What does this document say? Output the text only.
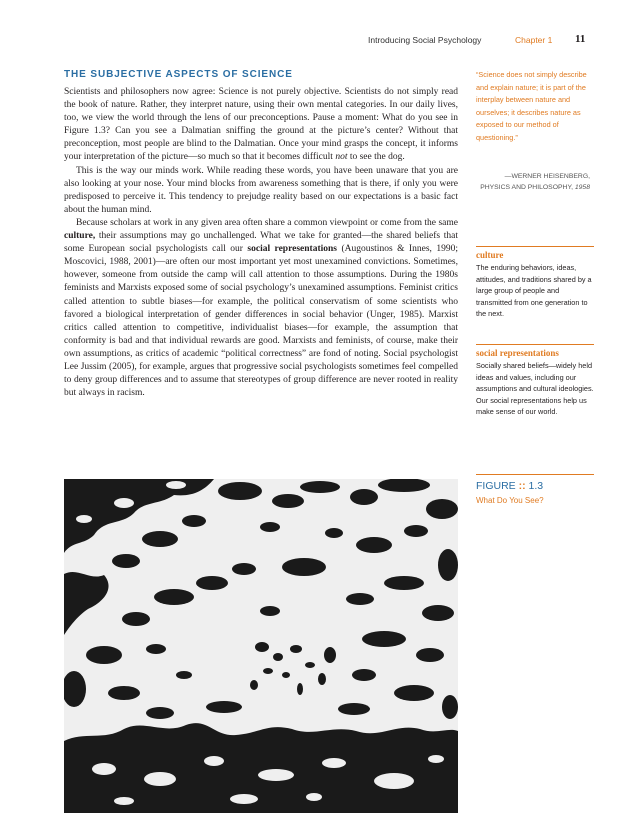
Introducing Social Psychology	Chapter 1 11
THE SUBJECTIVE ASPECTS OF SCIENCE

Scientists and philosophers now agree: Science is not purely objective. Scientists do not simply read the book of nature. Rather, they interpret nature, using their own mental categories. In our daily lives, too, we view the world through the lens of our preconceptions. Pause a moment: What do you see in Figure 1.3? Can you see a Dalmatian sniffing the ground at the picture’s center? Without that preconception, most people are blind to the Dalmatian. Once your mind grasps the concept, it informs your interpretation of the picture—so much so that it becomes difficult not to see the dog.

This is the way our minds work. While reading these words, you have been unaware that you are also looking at your nose. Your mind blocks from awareness something that is there, if only you were predisposed to perceive it. This tendency to prejudge reality based on our expectations is a basic fact about the human mind.

Because scholars at work in any given area often share a common viewpoint or come from the same culture, their assumptions may go unchallenged. What we take for granted—the shared beliefs that some European social psychologists call our social representations (Augoustinos & Innes, 1990; Moscovici, 1988, 2001)—are often our most important yet most unexamined convictions. Sometimes, however, someone from outside the camp will call attention to those assumptions. During the 1980s feminists and Marxists exposed some of social psychology’s unexamined assumptions. Feminist critics called attention to subtle biases—for example, the political conservatism of some scientists who favored a biological interpretation of gender differences in social behavior (Unger, 1985). Marxist critics called attention to competitive, individualist biases—for example, the assumption that conformity is bad and that individual rewards are good. Marxists and feminists, of course, make their own assumptions, as critics of academic “political correctness” are fond of noting. Social psychologist Lee Jussim (2005), for example, argues that progressive social psychologists sometimes feel compelled to deny group differences and to assume that stereotypes of group difference are never rooted in reality but always in racism.

“Science does not simply describe and explain nature; it is part of the interplay between nature and ourselves; it describes nature as exposed to our method of questioning.”
—WERNER HEISENBERG, PHYSICS AND PHILOSOPHY, 1958
culture
The enduring behaviors, ideas, attitudes, and traditions shared by a large group of people and transmitted from one generation to the next.
social representations
Socially shared beliefs—widely held ideas and values, including our assumptions and cultural ideologies. Our social representations help us make sense of our world.
FIGURE :: 1.3
What Do You See?
